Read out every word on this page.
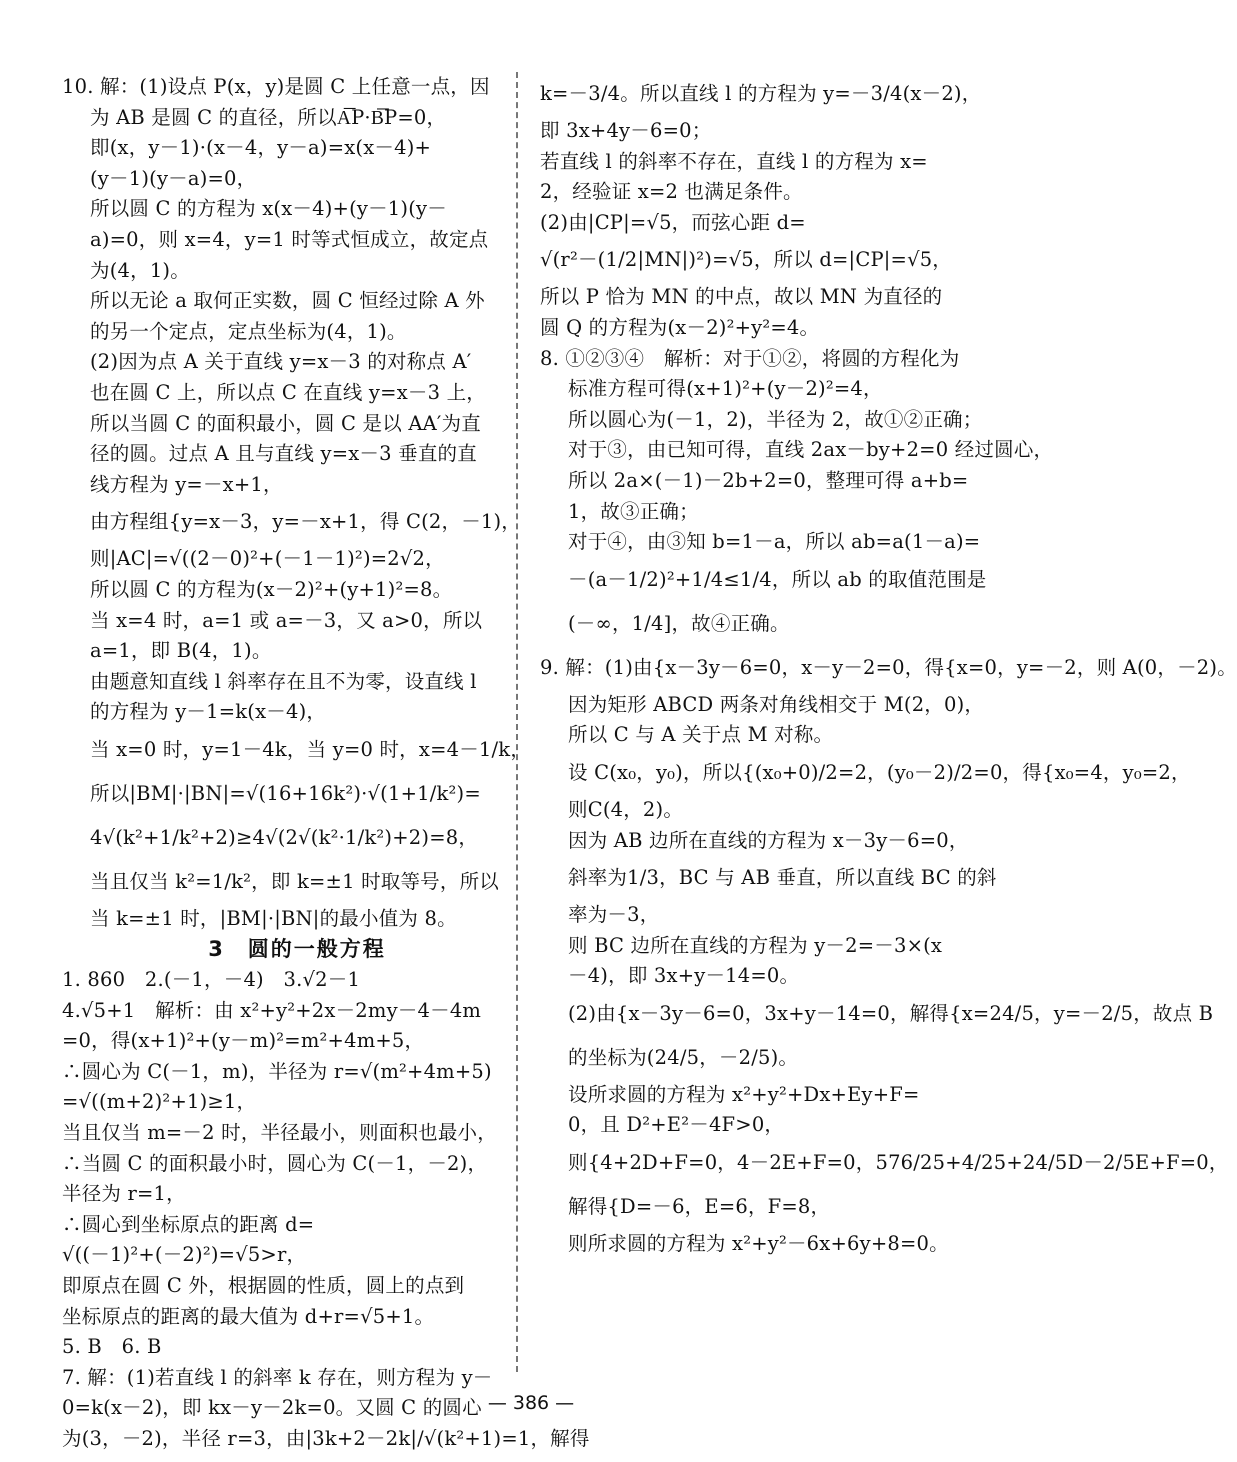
10. 解：(1)设点 P(x，y)是圆 C 上任意一点，因
为 AB 是圆 C 的直径，所以A͞P·B͞P=0，
即(x，y－1)·(x－4，y－a)=x(x－4)+
(y－1)(y－a)=0，
所以圆 C 的方程为 x(x－4)+(y－1)(y－
a)=0，则 x=4，y=1 时等式恒成立，故定点
为(4，1)。
所以无论 a 取何正实数，圆 C 恒经过除 A 外
的另一个定点，定点坐标为(4，1)。
(2)因为点 A 关于直线 y=x－3 的对称点 A′
也在圆 C 上，所以点 C 在直线 y=x－3 上，
所以当圆 C 的面积最小，圆 C 是以 AA′为直
径的圆。过点 A 且与直线 y=x－3 垂直的直
线方程为 y=－x+1，
由方程组{y=x－3，y=－x+1，得 C(2，－1)，
则|AC|=√((2－0)²+(－1－1)²)=2√2，
所以圆 C 的方程为(x－2)²+(y+1)²=8。
当 x=4 时，a=1 或 a=－3，又 a>0，所以
a=1，即 B(4，1)。
由题意知直线 l 斜率存在且不为零，设直线 l
的方程为 y－1=k(x－4)，
当 x=0 时，y=1－4k，当 y=0 时，x=4－1/k，
所以|BM|·|BN|=√(16+16k²)·√(1+1/k²)=
4√(k²+1/k²+2)≥4√(2√(k²·1/k²)+2)=8，
当且仅当 k²=1/k²，即 k=±1 时取等号，所以
当 k=±1 时，|BM|·|BN|的最小值为 8。
3　圆的一般方程
1. 860　2.(－1，－4)　3.√2－1
4.√5+1　解析：由 x²+y²+2x－2my－4－4m
=0，得(x+1)²+(y－m)²=m²+4m+5，
∴圆心为 C(－1，m)，半径为 r=√(m²+4m+5)
=√((m+2)²+1)≥1，
当且仅当 m=－2 时，半径最小，则面积也最小，
∴当圆 C 的面积最小时，圆心为 C(－1，－2)，
半径为 r=1，
∴圆心到坐标原点的距离 d=
√((－1)²+(－2)²)=√5>r，
即原点在圆 C 外，根据圆的性质，圆上的点到
坐标原点的距离的最大值为 d+r=√5+1。
5. B　6. B
7. 解：(1)若直线 l 的斜率 k 存在，则方程为 y－
0=k(x－2)，即 kx－y－2k=0。又圆 C 的圆心
为(3，－2)，半径 r=3，由|3k+2－2k|/√(k²+1)=1，解得
k=－3/4。所以直线 l 的方程为 y=－3/4(x－2)，
即 3x+4y－6=0；
若直线 l 的斜率不存在，直线 l 的方程为 x=
2，经验证 x=2 也满足条件。
(2)由|CP|=√5，而弦心距 d=
√(r²－(1/2|MN|)²)=√5，所以 d=|CP|=√5，
所以 P 恰为 MN 的中点，故以 MN 为直径的
圆 Q 的方程为(x－2)²+y²=4。
8. ①②③④　解析：对于①②，将圆的方程化为
标准方程可得(x+1)²+(y－2)²=4，
所以圆心为(－1，2)，半径为 2，故①②正确；
对于③，由已知可得，直线 2ax－by+2=0 经过圆心，
所以 2a×(－1)－2b+2=0，整理可得 a+b=
1，故③正确；
对于④，由③知 b=1－a，所以 ab=a(1－a)=
－(a－1/2)²+1/4≤1/4，所以 ab 的取值范围是
(－∞，1/4]，故④正确。
9. 解：(1)由{x－3y－6=0，x－y－2=0，得{x=0，y=－2，则 A(0，－2)。
因为矩形 ABCD 两条对角线相交于 M(2，0)，
所以 C 与 A 关于点 M 对称。
设 C(x₀，y₀)，所以{(x₀+0)/2=2，(y₀－2)/2=0，得{x₀=4，y₀=2，
则C(4，2)。
因为 AB 边所在直线的方程为 x－3y－6=0，
斜率为1/3，BC 与 AB 垂直，所以直线 BC 的斜
率为－3，
则 BC 边所在直线的方程为 y－2=－3×(x
－4)，即 3x+y－14=0。
(2)由{x－3y－6=0，3x+y－14=0，解得{x=24/5，y=－2/5，故点 B
的坐标为(24/5，－2/5)。
设所求圆的方程为 x²+y²+Dx+Ey+F=
0，且 D²+E²－4F>0，
则{4+2D+F=0，4－2E+F=0，576/25+4/25+24/5D－2/5E+F=0，
解得{D=－6，E=6，F=8，
则所求圆的方程为 x²+y²－6x+6y+8=0。
— 386 —
